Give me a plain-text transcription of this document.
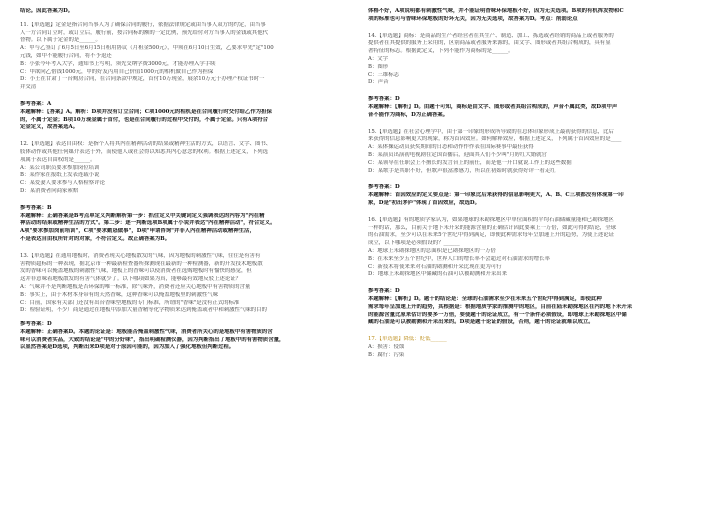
结论。因此答案为D。
11.【单选题】定金是指合同当事人为了确保合同的履行，依据法律规定或由当事人双方的约定，由当事
人一方合同订立时，或订立后，履行前，按合同标的额的一定比例，预先给付对方当事人的金钱或其他代
替物。以下属于定金的是______。
A：甲与乙签订了6月5日至6月15日租用协议（月租金500元），甲须在6月10日生效，乙要求甲先"定"100
元钱，如甲不能履行合同，将不予退还
B：小张今年考入大学，通知书上写明，须先交纳学费3000元，才能办理入学手续
C：甲欲向乙借钱1000元，甲的好友丙用自己价值1000元的相机做自己作为担保
D：小王在甘肃丁一台购房合同，在合同条款中规定，首付10万现金，展余10万元于办理产权证书时一
并交清
参考答案：A
本题解释：【答案】A。解析：D项并没有订立合同；C项1000元的相机是在合同履行时交付给乙作为担保
的，不属于定金；B项10万现金属于首付，也是在合同履行的过程中交付的，不属于定金。只有A项符合
定金定义，故答案选A。
12.【单选题】表达自由权：是指个人将其内在精神活动的结果或精神生活的方式，以语言、文字、图书、
肢体动作或其他任何媒介表达于外，而使他人或社会得以知悉其内心意念的权利。根据上述定义，下列选
项属于表达自由权的是______。
A：某公司职员要求参加岗位培训
B：某作家在报纸上发表连载小说
C：某爱妻人要求参与人格检察评论
D：某消费者向商家索赔
参考答案：B
本题解释：正确答案是B考点单定义判断解析第一步：抓住定义中关键词定义强调表达的内容为"内在精
神活动的结果或精神生活的方式"。第二步：逐一判断选项B项属于小说并表达"内在精神活动"，符合定义。
A项"要求参加岗前培训"，C项"要求勤恳做事"，D项"申请咨询"并非人内在精神活动或精神生活，
不是表达自由权所针对的对象，不符合定义。故正确答案为B。
13.【单选题】在通用地板时，消费者现关心地板散发的气味，因为地板的刺激性气味，往往是有害有
害物质超标的一种表现，据北京市一种最新检查器所探测现在最新的一种检测器，新的开发技术地板散
发的香味可以掩盖地板的刺激性气味，地板上的香味可以使消费者在选购地板时有愉快的感觉，但
这并非意味着地板散发的有害气体就少了。以下哪项如果为真，能够最有效地反驳上述论证？
A：气味并不是判断地板是否环保的唯一标准，除气味外，消费者还应关心地板中有害物质的含量
B：事实上，由于木材本身带有的天然香味，这种香味可以掩盖地板里的刺激性气味
C：目前，国家有关部门还没有出台香味型地板的专门标准，所谓的"香味"是没有正式的标准
D：检验证明，不少厂商是通过在地板中添加大量香精等化学物质来达到掩盖或者中和刺激性气味的目的
参考答案：D
本题解释：正确答案D。本题的论证是：地板能否掩盖刺激性气味，消费者所关心的是地板中有害物质的含
味可以消费者实品，大致的结论是"中的分好味"，指出明确检测仪器，因为判断指出了地板中的有害物质含量，
以显然答案是D选项，判断出来D项是对于原因可能的，因为加入了强化地板但判断过程。
体格不好，A项说明都有刺激性气味，并不能证明香味环保地板不好，因为无关选项。B项的有机挥发物和C
项的标准也可与香味环保地板的好坏无关，因为无关选项，故答案为D。考点：削弱论点
14.【单选题】商标：是商品的生产者经营者在其生产、制造、加工、拣选或者经销的商品上或者服务的
提供者在其提供的服务上采用的，区别商品或者服务来源的，由文字、图形或者其组合构成的，具有显
著特征的标志。根据此定义，下列不能作为商标的是______。
A：文字
B：图形
C：三维标志
D：声音
参考答案：D
本题解释：【解析】D。由题干可知，商标是由文字、图形或者其组合构成的，声音不属此类，故D项中声
音不能作为商标，D为正确答案。
15.【单选题】在社会心理学中，由于第一印象的形成所导致的在总体印象形成上最初获得的信息，比后
来获得的信息影响更大的现象，称为首因效应。如何解释效应，根据上述定义，下列属于首因效应的是____
A：某体操运动员获奖期间的日态和动作作作表在国际赛事中最佳获得
B：某演员出演初电视剧在定国首播后，迎面其人们不少叫"月婷红大婚就官
C：某领导在任职会上不擅长的发言台上的前任，而是他一开口就说工作上的这些数据
D：某歌手是其职不好，但歌声很富渗感力，所以在初始时就获得好评一看走红
参考答案：D
本题解释：首因效应的定义要点是：第一印象比后来获得的信息影响更大，A、B、C三项都没有体现第一印
象，D是"初出茅庐"体现了首因效应，故选D。
16.【单选题】有的地质学家认为，如果地球的未勘探地区中单位面积的平均石油储藏量能和已勘探地区
一样的话，那么，目前关于地下未开采的能源含量的正确估计因此要乘上一万倍，如此可得的结论，全球
的石油需求，至少可以在未来5个世纪中得到满足，即便此种需求每年呈加速上升的趋势，为使上述论证
成立，以下哪项是必须假设的？______
A：地球上未勘探地区的总面积是已勘探地区的一万倍
B：在未来至少五个世纪中，世界人口的增长率不会超过对石油需求的增长率
C：新技术将使来来对石油的勘测和开采比现在更为可行
D：地球上未勘探地区中储藏的石油可以被勘测和开采出来
参考答案：D
本题解释：【解析】D。题干的结论是：全球的石油需求至少在未来五个世纪中得到满足，即使此种
需求每年呈加速上升的趋势，其根据是：根据地质学家的推测中的地区，目前在陆未勘探地区在内的地下未开采
的能源含量比原来估计的要多一万倍，要使题干的论证成立，有一个条件必须假设，即地球上未勘探地区中储
藏的石油是可以被勘测和开采出来的。D项是题干论证的假设，否则，题干的论证就难以成立。
17.【单选题】降低：贬低______
A：损害：侵蚀
B：腐行：污染
